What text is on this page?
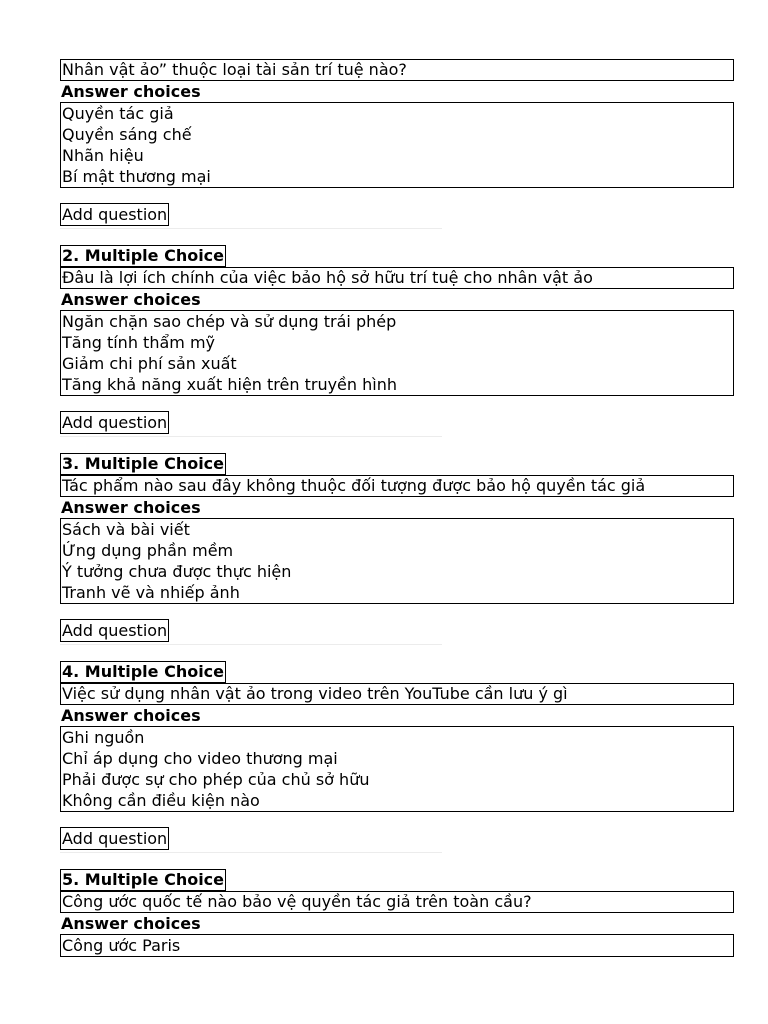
Nhân vật ảo” thuộc loại tài sản trí tuệ nào?
Answer choices
Quyền tác giả
Quyền sáng chế
Nhãn hiệu
Bí mật thương mại
Add question
2. Multiple Choice
Đâu là lợi ích chính của việc bảo hộ sở hữu trí tuệ cho nhân vật ảo
Answer choices
Ngăn chặn sao chép và sử dụng trái phép
Tăng tính thẩm mỹ
Giảm chi phí sản xuất
Tăng khả năng xuất hiện trên truyền hình
Add question
3. Multiple Choice
Tác phẩm nào sau đây không thuộc đối tượng được bảo hộ quyền tác giả
Answer choices
Sách và bài viết
Ứng dụng phần mềm
Ý tưởng chưa được thực hiện
Tranh vẽ và nhiếp ảnh
Add question
4. Multiple Choice
Việc sử dụng nhân vật ảo trong video trên YouTube cần lưu ý gì
Answer choices
Ghi nguồn
Chỉ áp dụng cho video thương mại
Phải được sự cho phép của chủ sở hữu
Không cần điều kiện nào
Add question
5. Multiple Choice
Công ước quốc tế nào bảo vệ quyền tác giả trên toàn cầu?
Answer choices
Công ước Paris
